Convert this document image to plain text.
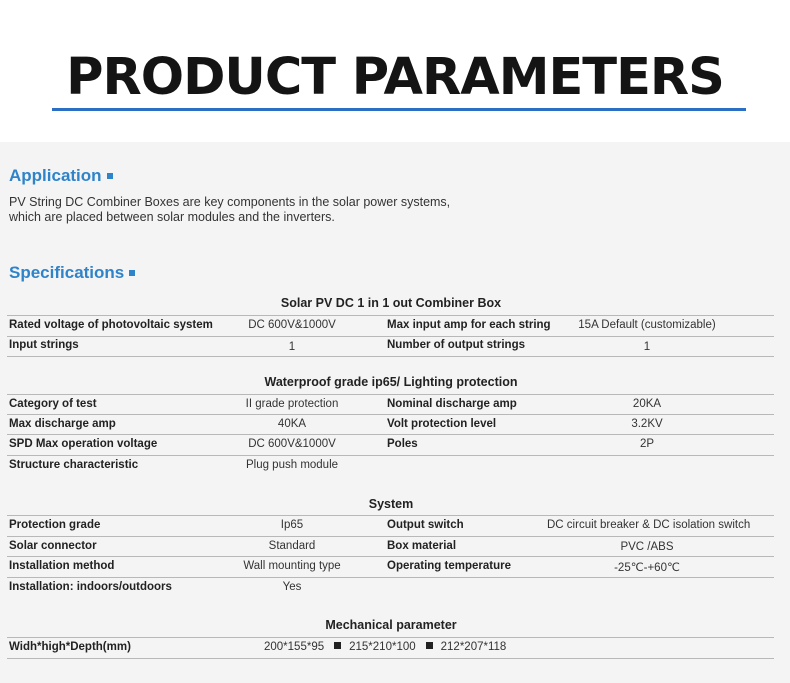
PRODUCT PARAMETERS
Application
PV String DC Combiner Boxes are key components in the solar power systems,
which are placed between solar modules and the inverters.
Specifications
Solar PV DC 1 in 1 out Combiner Box
Rated voltage of photovoltaic system	DC 600V&1000V	Max input amp for each string	15A Default (customizable)
Input strings	1	Number of output strings	1
Waterproof grade ip65/ Lighting protection
Category of test	II grade protection	Nominal discharge amp	20KA
Max discharge amp	40KA	Volt protection level	3.2KV
SPD Max operation voltage	DC 600V&1000V	Poles	2P
Structure characteristic	Plug push module
System
Protection grade	Ip65	Output switch	DC circuit breaker & DC isolation switch
Solar connector	Standard	Box material	PVC /ABS
Installation method	Wall mounting type	Operating temperature	-25℃-+60℃
Installation: indoors/outdoors	Yes
Mechanical parameter
Widh*high*Depth(mm)	200*155*95 215*210*100 212*207*118
